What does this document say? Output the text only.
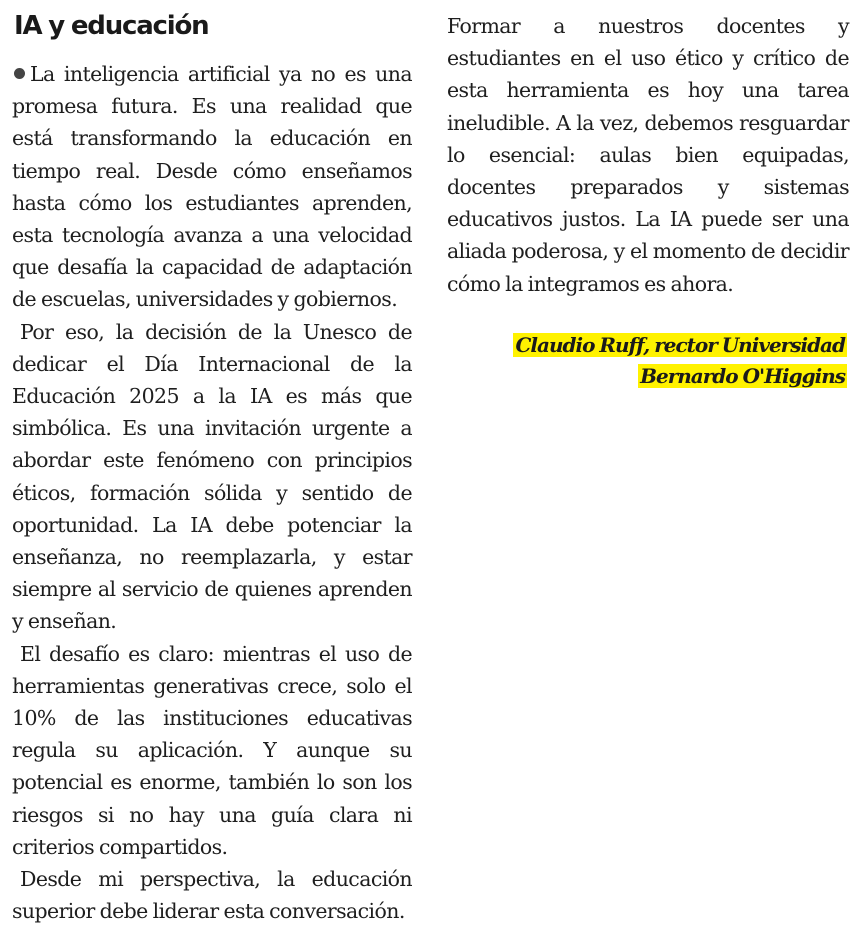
IA y educación

La inteligencia artificial ya no es una promesa futura. Es una realidad que está transformando la educación en tiempo real. Desde cómo enseñamos hasta cómo los estudiantes aprenden, esta tecnología avanza a una velocidad que desafía la capacidad de adaptación de escuelas, universidades y gobiernos.

Por eso, la decisión de la Unesco de dedicar el Día Internacional de la Educación 2025 a la IA es más que simbólica. Es una invitación urgente a abordar este fenómeno con principios éticos, formación sólida y sentido de oportunidad. La IA debe potenciar la enseñanza, no reemplazarla, y estar siempre al servicio de quienes aprenden y enseñan.

El desafío es claro: mientras el uso de herramientas generativas crece, solo el 10% de las instituciones educativas regula su aplicación. Y aunque su potencial es enorme, también lo son los riesgos si no hay una guía clara ni criterios compartidos.

Desde mi perspectiva, la educación superior debe liderar esta conversación.

Formar a nuestros docentes y estudiantes en el uso ético y crítico de esta herramienta es hoy una tarea ineludible. A la vez, debemos resguardar lo esencial: aulas bien equipadas, docentes preparados y sistemas educativos justos. La IA puede ser una aliada poderosa, y el momento de decidir cómo la integramos es ahora.

Claudio Ruff, rector Universidad
Bernardo O'Higgins
